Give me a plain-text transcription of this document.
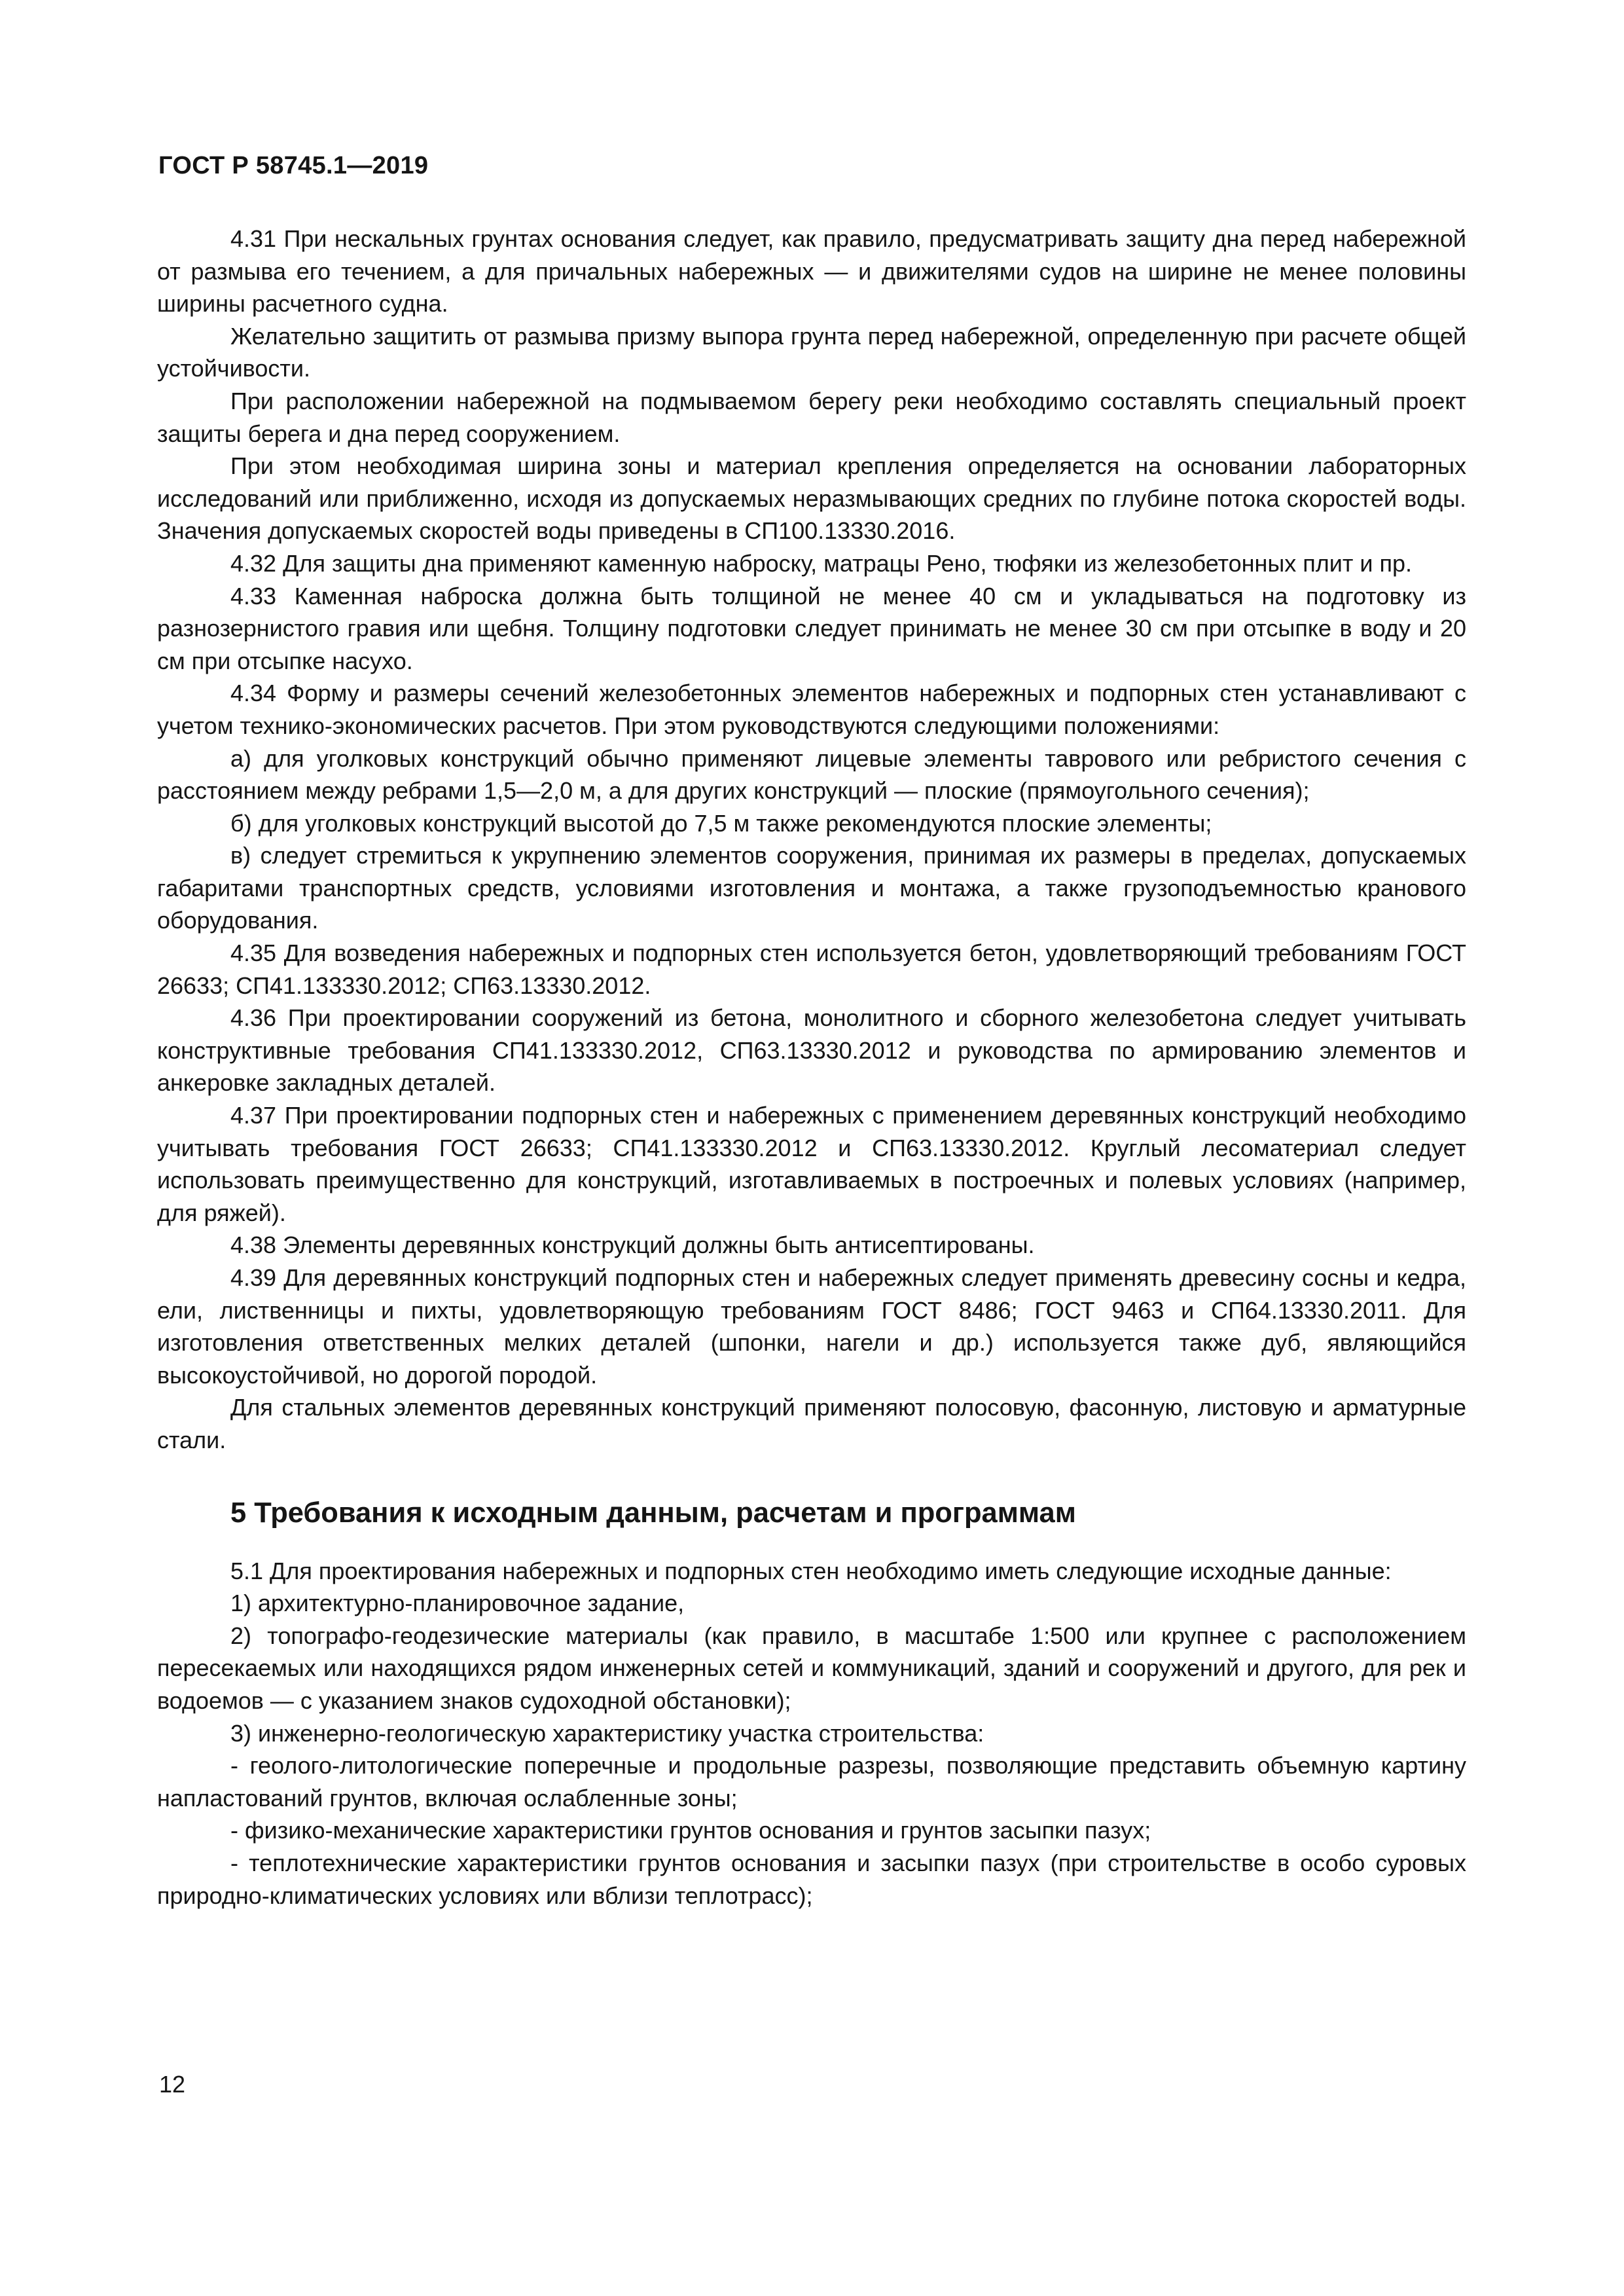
ГОСТ Р 58745.1—2019

4.31 При нескальных грунтах основания следует, как правило, предусматривать защиту дна перед набережной от размыва его течением, а для причальных набережных — и движителями судов на ширине не менее половины ширины расчетного судна.

Желательно защитить от размыва призму выпора грунта перед набережной, определенную при расчете общей устойчивости.

При расположении набережной на подмываемом берегу реки необходимо составлять специальный проект защиты берега и дна перед сооружением.

При этом необходимая ширина зоны и материал крепления определяется на основании лабораторных исследований или приближенно, исходя из допускаемых неразмывающих средних по глубине потока скоростей воды. Значения допускаемых скоростей воды приведены в СП100.13330.2016.

4.32 Для защиты дна применяют каменную наброску, матрацы Рено, тюфяки из железобетонных плит и пр.

4.33 Каменная наброска должна быть толщиной не менее 40 см и укладываться на подготовку из разнозернистого гравия или щебня. Толщину подготовки следует принимать не менее 30 см при отсыпке в воду и 20 см при отсыпке насухо.

4.34 Форму и размеры сечений железобетонных элементов набережных и подпорных стен устанавливают с учетом технико-экономических расчетов. При этом руководствуются следующими положениями:

а) для уголковых конструкций обычно применяют лицевые элементы таврового или ребристого сечения с расстоянием между ребрами 1,5—2,0 м, а для других конструкций — плоские (прямоугольного сечения);

б) для уголковых конструкций высотой до 7,5 м также рекомендуются плоские элементы;

в) следует стремиться к укрупнению элементов сооружения, принимая их размеры в пределах, допускаемых габаритами транспортных средств, условиями изготовления и монтажа, а также грузоподъемностью кранового оборудования.

4.35 Для возведения набережных и подпорных стен используется бетон, удовлетворяющий требованиям ГОСТ 26633; СП41.133330.2012; СП63.13330.2012.

4.36 При проектировании сооружений из бетона, монолитного и сборного железобетона следует учитывать конструктивные требования СП41.133330.2012, СП63.13330.2012 и руководства по армированию элементов и анкеровке закладных деталей.

4.37 При проектировании подпорных стен и набережных с применением деревянных конструкций необходимо учитывать требования ГОСТ 26633; СП41.133330.2012 и СП63.13330.2012. Круглый лесоматериал следует использовать преимущественно для конструкций, изготавливаемых в построечных и полевых условиях (например, для ряжей).

4.38 Элементы деревянных конструкций должны быть антисептированы.

4.39 Для деревянных конструкций подпорных стен и набережных следует применять древесину сосны и кедра, ели, лиственницы и пихты, удовлетворяющую требованиям ГОСТ 8486; ГОСТ 9463 и СП64.13330.2011. Для изготовления ответственных мелких деталей (шпонки, нагели и др.) используется также дуб, являющийся высокоустойчивой, но дорогой породой.

Для стальных элементов деревянных конструкций применяют полосовую, фасонную, листовую и арматурные стали.

5 Требования к исходным данным, расчетам и программам

5.1 Для проектирования набережных и подпорных стен необходимо иметь следующие исходные данные:

1) архитектурно-планировочное задание,

2) топографо-геодезические материалы (как правило, в масштабе 1:500 или крупнее с расположением пересекаемых или находящихся рядом инженерных сетей и коммуникаций, зданий и сооружений и другого, для рек и водоемов — с указанием знаков судоходной обстановки);

3) инженерно-геологическую характеристику участка строительства:

- геолого-литологические поперечные и продольные разрезы, позволяющие представить объемную картину напластований грунтов, включая ослабленные зоны;

- физико-механические характеристики грунтов основания и грунтов засыпки пазух;

- теплотехнические характеристики грунтов основания и засыпки пазух (при строительстве в особо суровых природно-климатических условиях или вблизи теплотрасс);

12
